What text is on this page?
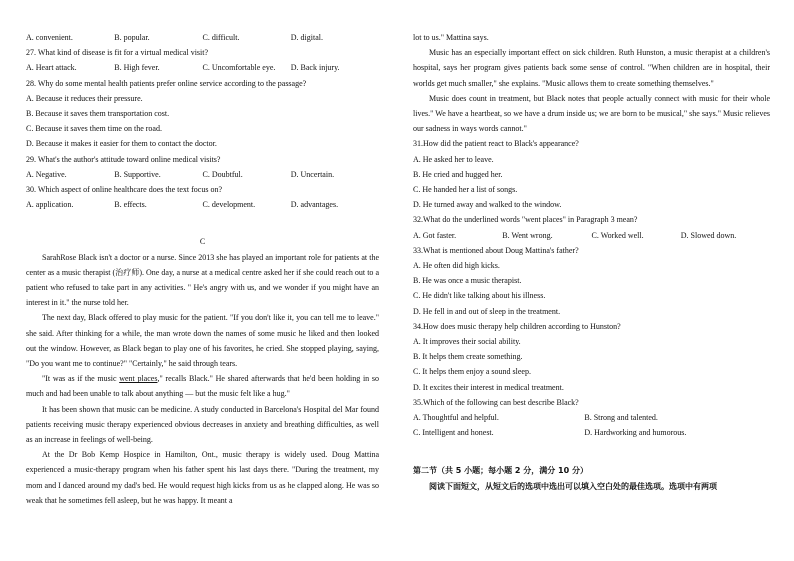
A. convenient.	B. popular.	C. difficult.	D. digital.
27. What kind of disease is fit for a virtual medical visit?
A. Heart attack.	B. High fever.	C. Uncomfortable eye.	D. Back injury.
28. Why do some mental health patients prefer online service according to the passage?
A. Because it reduces their pressure.
B. Because it saves them transportation cost.
C. Because it saves them time on the road.
D. Because it makes it easier for them to contact the doctor.
29. What's the author's attitude toward online medical visits?
A. Negative.	B. Supportive.	C. Doubtful.	D. Uncertain.
30. Which aspect of online healthcare does the text focus on?
A. application.	B. effects.	C. development.	D. advantages.
C
SarahRose Black isn't a doctor or a nurse. Since 2013 she has played an important role for patients at the center as a music therapist (治疗师). One day, a nurse at a medical centre asked her if she could reach out to a patient who refused to take part in any activities. " He's angry with us, and we wonder if you might have an interest in it." the nurse told her.
The next day, Black offered to play music for the patient. "If you don't like it, you can tell me to leave." she said. After thinking for a while, the man wrote down the names of some music he liked and then looked out the window. However, as Black began to play one of his favorites, he cried. She stopped playing, saying, "Do you want me to continue?" "Certainly," he said through tears.
"It was as if the music went places," recalls Black." He shared afterwards that he'd been holding in so much and had been unable to talk about anything — but the music felt like a hug."
It has been shown that music can be medicine. A study conducted in Barcelona's Hospital del Mar found patients receiving music therapy experienced obvious decreases in anxiety and breathing difficulties, as well as an increase in feelings of well-being.
At the Dr Bob Kemp Hospice in Hamilton, Ont., music therapy is widely used. Doug Mattina experienced a music-therapy program when his father spent his last days there. "During the treatment, my mom and I danced around my dad's bed. He would request high kicks from us as he clapped along. He was so weak that he sometimes fell asleep, but he was happy. It meant a
lot to us." Mattina says.
Music has an especially important effect on sick children. Ruth Hunston, a music therapist at a children's hospital, says her program gives patients back some sense of control. "When children are in hospital, their worlds get much smaller," she explains. "Music allows them to create something themselves."
Music does count in treatment, but Black notes that people actually connect with music for their whole lives." We have a heartbeat, so we have a drum inside us; we are born to be musical," she says." Music relieves our sadness in ways words cannot."
31.How did the patient react to Black's appearance?
A. He asked her to leave.
B. He cried and hugged her.
C. He handed her a list of songs.
D. He turned away and walked to the window.
32.What do the underlined words "went places" in Paragraph 3 mean?
A. Got faster.	B. Went wrong.	C. Worked well.	D. Slowed down.
33.What is mentioned about Doug Mattina's father?
A. He often did high kicks.
B. He was once a music therapist.
C. He didn't like talking about his illness.
D. He fell in and out of sleep in the treatment.
34.How does music therapy help children according to Hunston?
A. It improves their social ability.
B. It helps them create something.
C. It helps them enjoy a sound sleep.
D. It excites their interest in medical treatment.
35.Which of the following can best describe Black?
A. Thoughtful and helpful.	B. Strong and talented.
C. Intelligent and honest.	D. Hardworking and humorous.
第二节（共 5 小题；每小题 2 分，满分 10 分）
阅读下面短文，从短文后的选项中选出可以填入空白处的最佳选项。选项中有两项
